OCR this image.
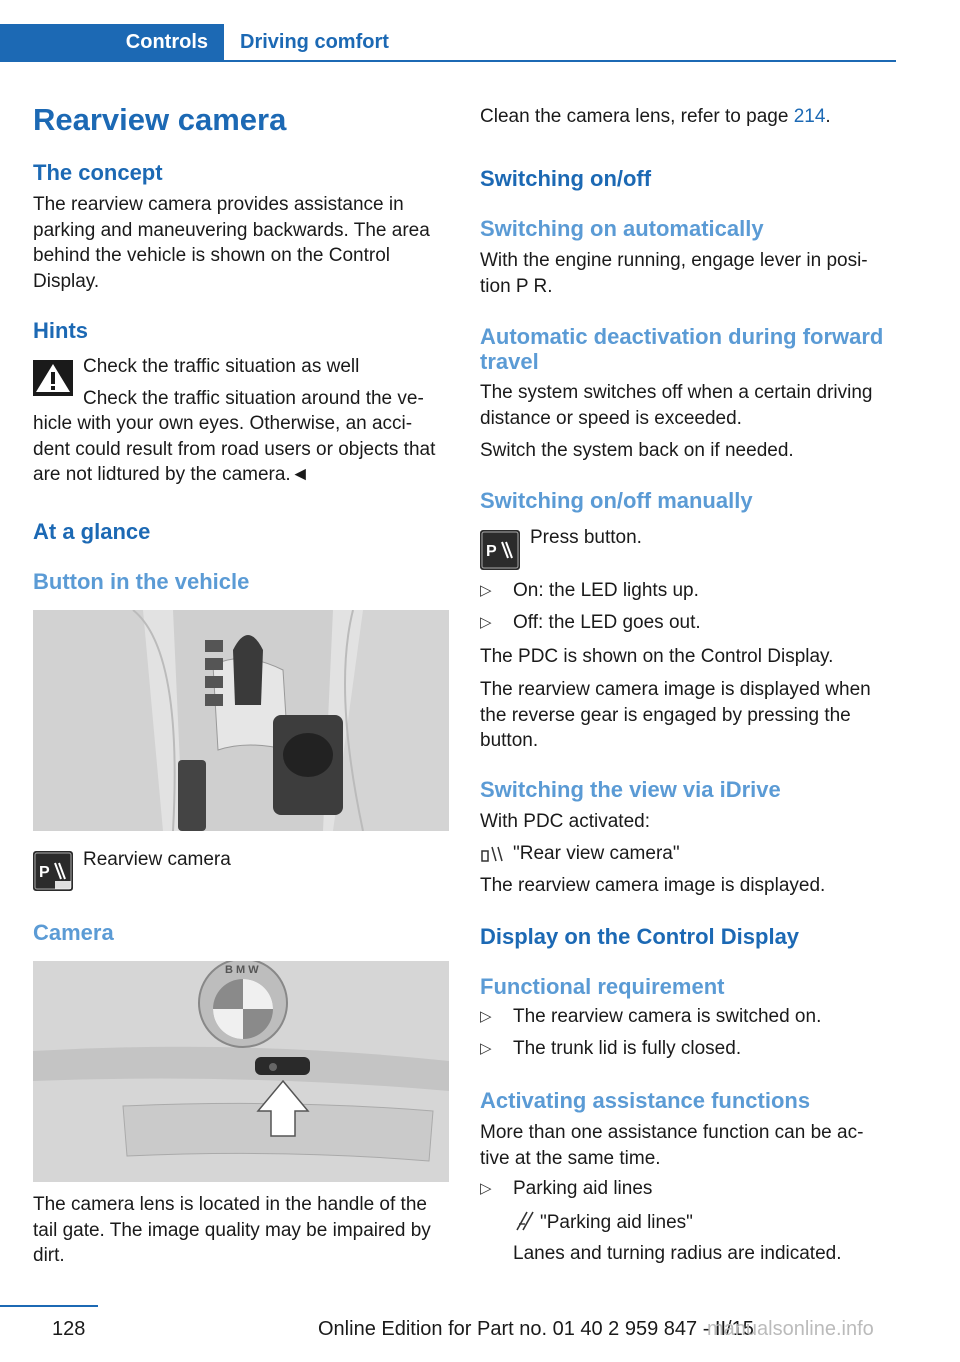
Controls Driving comfort
Rearview camera
The concept
The rearview camera provides assistance in parking and maneuvering backwards. The area behind the vehicle is shown on the Control Display.
Hints
Check the traffic situation as well
Check the traffic situation around the ve‐
hicle with your own eyes. Otherwise, an acci‐ dent could result from road users or objects that are not lidtured by the camera.◄
At a glance
Button in the vehicle
P
Rearview camera
Camera
B M W
The camera lens is located in the handle of the tail gate. The image quality may be impaired by dirt.
Clean the camera lens, refer to page 214.
Switching on/off
Switching on automatically
With the engine running, engage lever in posi‐ tion P R.
Automatic deactivation during forward travel
The system switches off when a certain driving distance or speed is exceeded.
Switch the system back on if needed.
Switching on/off manually
P
Press button.
▷ On: the LED lights up.
▷ Off: the LED goes out.
The PDC is shown on the Control Display.
The rearview camera image is displayed when the reverse gear is engaged by pressing the button.
Switching the view via iDrive
With PDC activated:
"Rear view camera"
The rearview camera image is displayed.
Display on the Control Display
Functional requirement
▷ The rearview camera is switched on.
▷ The trunk lid is fully closed.
Activating assistance functions
More than one assistance function can be ac‐ tive at the same time.
▷ Parking aid lines
"Parking aid lines"
Lanes and turning radius are indicated.
128	Online Edition for Part no. 01 40 2 959 847 - II/15
manualsonline.info
